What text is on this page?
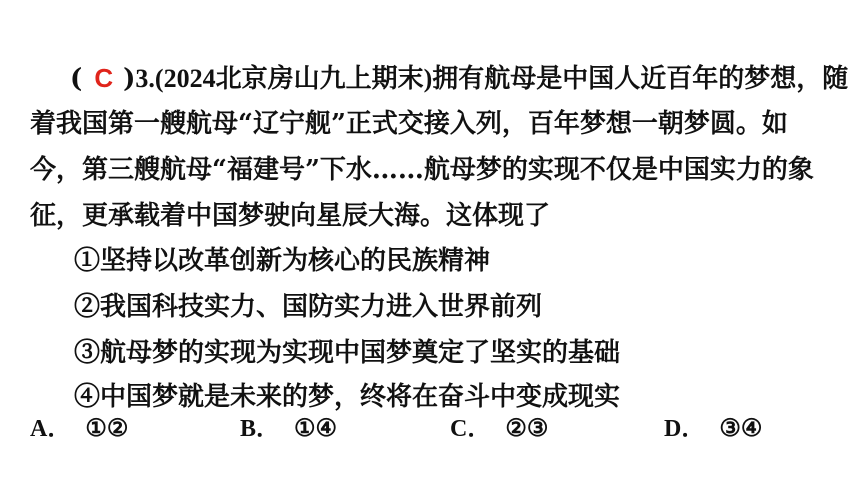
( C )3.(2024北京房山九上期末)拥有航母是中国人近百年的梦想，随
着我国第一艘航母“辽宁舰”正式交接入列，百年梦想一朝梦圆。如
今，第三艘航母“福建号”下水……航母梦的实现不仅是中国实力的象
征，更承载着中国梦驶向星辰大海。这体现了
①坚持以改革创新为核心的民族精神
②我国科技实力、国防实力进入世界前列
③航母梦的实现为实现中国梦奠定了坚实的基础
④中国梦就是未来的梦，终将在奋斗中变成现实
A． ①②	B． ①④	C． ②③	D． ③④
